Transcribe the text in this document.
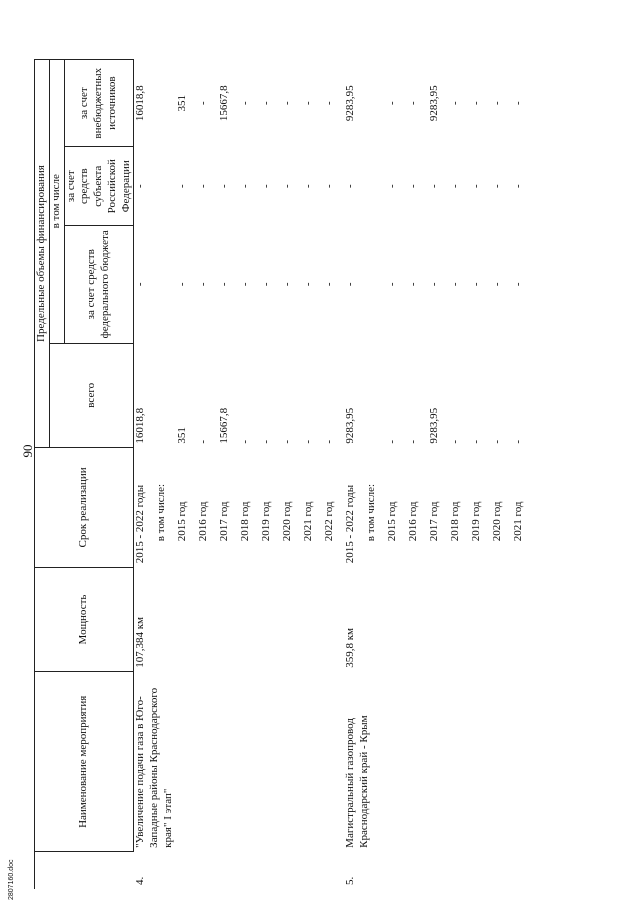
90
	Наименование мероприятия	Мощность	Срок реализации	Предельные объемы финансирования			
				всего	в том числе		
					за счет средств федерального бюджета	за счет средств субъекта Российской Федерации	за счет внебюджетных источников
4.	"Увеличение подачи газа в Юго-Западные районы Краснодарского края" I этап"	107,384 км	2015 - 2022 годы	16018,8	-	-	16018,8
			в том числе:				
			2015 год	351	-	-	351
			2016 год	-	-	-	-
			2017 год	15667,8	-	-	15667,8
			2018 год	-	-	-	-
			2019 год	-	-	-	-
			2020 год	-	-	-	-
			2021 год	-	-	-	-
			2022 год	-	-	-	-
5.	Магистральный газопровод Краснодарский край - Крым	359,8 км	2015 - 2022 годы	9283,95	-	-	9283,95
			в том числе:				
			2015 год	-	-	-	-
			2016 год	-	-	-	-
			2017 год	9283,95	-	-	9283,95
			2018 год	-	-	-	-
			2019 год	-	-	-	-
			2020 год	-	-	-	-
			2021 год	-	-	-	-
2807160.doc
